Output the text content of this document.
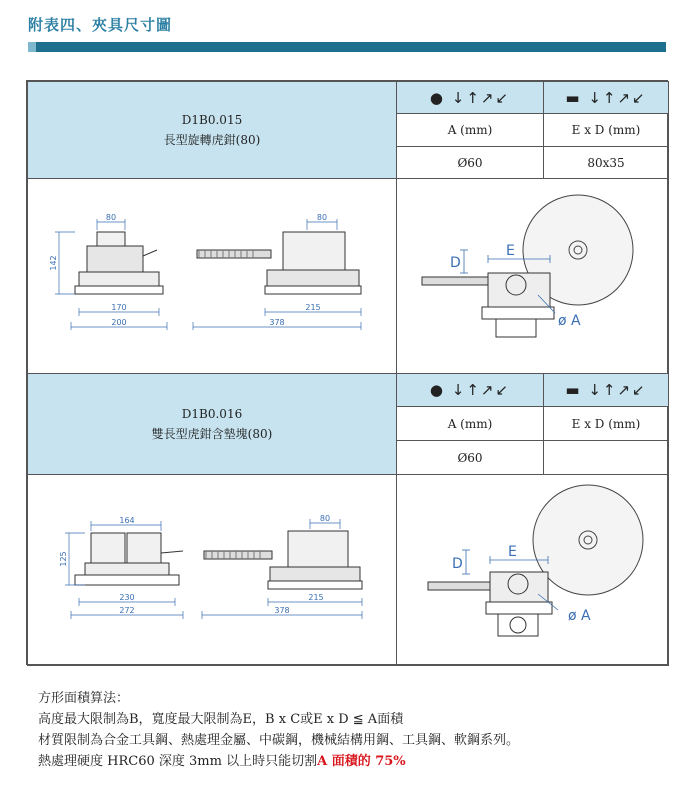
附表四、夾具尺寸圖
D1B0.015
長型旋轉虎鉗(80)
● ↓↑↗↙	▬ ↓↑↗↙
A (mm)	E x D (mm)
Ø60	80x35
D1B0.016
雙長型虎鉗含墊塊(80)
● ↓↑↗↙	▬ ↓↑↗↙
A (mm)	E x D (mm)
Ø60
80
142
170
200
80
215
378
D
E
ø A
164
125
230
272
80
215
378
D
E
ø A
方形面積算法：
高度最大限制為B，寬度最大限制為E，B x C或E x D ≦ A面積
材質限制為合金工具鋼、熱處理金屬、中碳鋼，機械結構用鋼、工具鋼、軟鋼系列。
熱處理硬度 HRC60 深度 3mm 以上時只能切割A 面積的 75%
